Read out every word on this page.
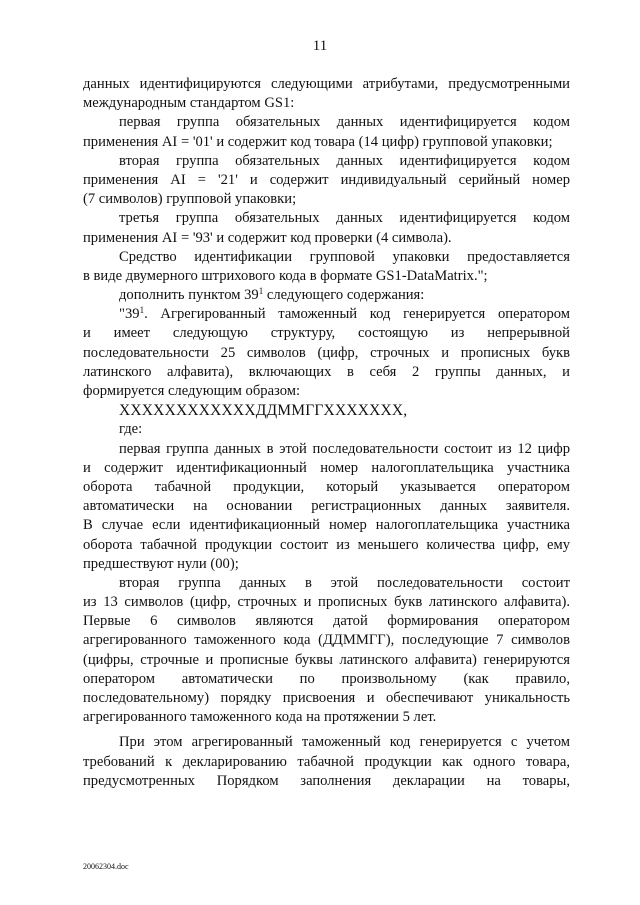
11
данных идентифицируются следующими атрибутами, предусмотренными
международным стандартом GS1:
первая группа обязательных данных идентифицируется кодом
применения AI = '01' и содержит код товара (14 цифр) групповой упаковки;
вторая группа обязательных данных идентифицируется кодом
применения AI = '21' и содержит индивидуальный серийный номер
(7 символов) групповой упаковки;
третья группа обязательных данных идентифицируется кодом
применения AI = '93' и содержит код проверки (4 символа).
Средство идентификации групповой упаковки предоставляется
в виде двумерного штрихового кода в формате GS1-DataMatrix.";
дополнить пунктом $39^1$ следующего содержания:
"$39^1$. Агрегированный таможенный код генерируется оператором
и имеет следующую структуру, состоящую из непрерывной
последовательности 25 символов (цифр, строчных и прописных букв
латинского алфавита), включающих в себя 2 группы данных, и
формируется следующим образом:
ХХХХХХХХХХХХДДММГГХХХХХХХ,
где:
первая группа данных в этой последовательности состоит из 12 цифр
и содержит идентификационный номер налогоплательщика участника
оборота табачной продукции, который указывается оператором
автоматически на основании регистрационных данных заявителя.
В случае если идентификационный номер налогоплательщика участника
оборота табачной продукции состоит из меньшего количества цифр, ему
предшествуют нули (00);
вторая группа данных в этой последовательности состоит
из 13 символов (цифр, строчных и прописных букв латинского алфавита).
Первые 6 символов являются датой формирования оператором
агрегированного таможенного кода (ДДММГГ), последующие 7 символов
(цифры, строчные и прописные буквы латинского алфавита) генерируются
оператором автоматически по произвольному (как правило,
последовательному) порядку присвоения и обеспечивают уникальность
агрегированного таможенного кода на протяжении 5 лет.
При этом агрегированный таможенный код генерируется с учетом
требований к декларированию табачной продукции как одного товара,
предусмотренных Порядком заполнения декларации на товары,
20062304.doc
